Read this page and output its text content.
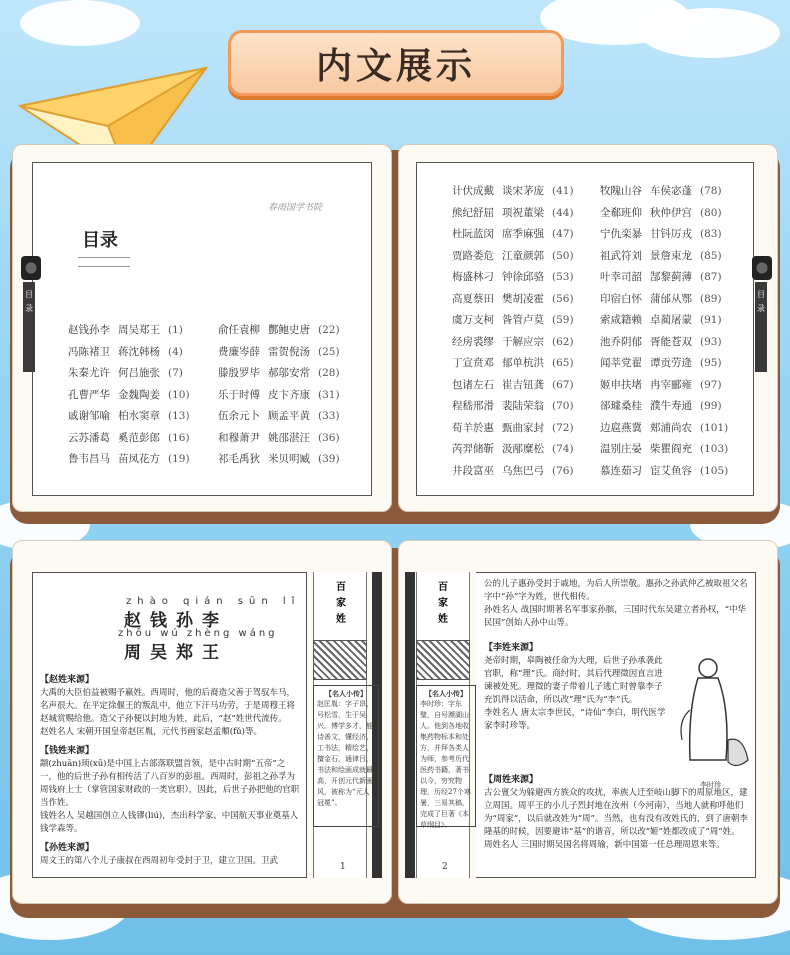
内文展示
春雨国学书院
目录
目 录
赵钱孙李 周吴郑王 (1)
冯陈褚卫 蒋沈韩杨 (4)
朱秦尤许 何吕施张 (7)
孔曹严华 金魏陶姜 (10)
戚谢邹喻 柏水窦章 (13)
云苏潘葛 奚范彭郎 (16)
鲁韦昌马 苗凤花方 (19)
俞任袁柳 酆鲍史唐 (22)
费廉岑薛 雷贺倪汤 (25)
滕殷罗毕 郝邬安常 (28)
乐于时傅 皮卞齐康 (31)
伍余元卜 顾孟平黄 (33)
和穆萧尹 姚邵湛汪 (36)
祁毛禹狄 米贝明臧 (39)
目 录
计伏成戴 谈宋茅庞 (41)
熊纪舒屈 项祝董梁 (44)
杜阮蓝闵 席季麻强 (47)
贾路娄危 江童颜郭 (50)
梅盛林刁 钟徐邱骆 (53)
高夏蔡田 樊胡凌霍 (56)
虞万支柯 昝管卢莫 (59)
经房裘缪 干解应宗 (62)
丁宣贲邓 郁单杭洪 (65)
包诸左石 崔吉钮龚 (67)
程嵇邢滑 裴陆荣翁 (70)
荀羊於惠 甄曲家封 (72)
芮羿储靳 汲邴糜松 (74)
井段富巫 乌焦巴弓 (76)
牧隗山谷 车侯宓蓬 (78)
全郗班仰 秋仲伊宫 (80)
宁仇栾暴 甘钭厉戎 (83)
祖武符刘 景詹束龙 (85)
叶幸司韶 郜黎蓟薄 (87)
印宿白怀 蒲邰从鄂 (89)
索咸籍赖 卓蔺屠蒙 (91)
池乔阴郁 胥能苍双 (93)
闻莘党翟 谭贡劳逄 (95)
姬申扶堵 冉宰郦雍 (97)
郤璩桑桂 濮牛寿通 (99)
边扈燕冀 郏浦尚农 (101)
温别庄晏 柴瞿阎充 (103)
慕连茹习 宦艾鱼容 (105)
zhào qián sūn lǐ
赵钱孙李
zhōu wú zhèng wáng
周吴郑王
【赵姓来源】
大禹的大臣伯益被赐予嬴姓。西周时，他的后裔造父善于驾驭车马，名声很大。在平定徐偃王的叛乱中，他立下汗马功劳，于是周穆王将赵城赏赐给他。造父子孙便以封地为姓，此后，“赵”姓世代流传。
赵姓名人 宋朝开国皇帝赵匡胤，元代书画家赵孟頫(fǔ)等。
【钱姓来源】
颛(zhuān)顼(xū)是中国上古部落联盟首领，是中古时期“五帝”之一，他的后世子孙有相传活了八百岁的彭祖。西周时，彭祖之孙孚为周钱府上士（掌管国家财政的一类官职），因此，后世子孙把他的官职当作姓。
钱姓名人 吴越国创立人钱镠(liú)，杰出科学家、中国航天事业奠基人钱学森等。
【孙姓来源】
周文王的第八个儿子康叔在西周初年受封于卫，建立卫国。卫武
百家姓
【名人小传】
赵匡胤：字子昂，号松雪，生于吴兴。博学多才，能诗善文，懂经济，工书法，精绘艺，擅金石，通律吕，书法和绘画成就最高，开创元代新画风，被称为“元人冠冕”。
1
百家姓
【名人小传】
李时珍：字东璧，自号濒湖山人。他到各地收集药物标本和处方，并拜各类人为师，参考历代医药书籍，著书以今，穷究物理，历经27个寒暑，三易其稿，完成了巨著《本草纲目》。
2
公的儿子惠孙受封于戚地，为后人所崇敬。惠孙之孙武仲乙被取祖父名字中“孙”字为姓，世代相传。
孙姓名人 战国时期著名军事家孙膑，三国时代东吴建立者孙权，“中华民国”创始人孙中山等。
【李姓来源】
尧帝时期，皋陶被任命为大理，后世子孙承袭此官职，称“理”氏。商纣时，其后代理徵因直言进谏被处死。理徵的妻子带着儿子逃亡时曾靠李子充饥得以活命，所以改“理”氏为“李”氏。
李姓名人 唐太宗李世民，“诗仙”李白，明代医学家李时珍等。
李时珍
【周姓来源】
古公亶父为躲避西方族众的攻扰，率族人迁至岐山脚下的周原地区，建立周国。周平王的小儿子烈封地在汝州（今河南），当地人就称呼他们为“周家”，以后就改姓为“周”。当然，也有没有改姓氏的，到了唐朝李隆基的时候，因要避讳“基”的谐音，所以改“姬”姓都改成了“周”姓。
周姓名人 三国时期吴国名将周瑜，新中国第一任总理周恩来等。
